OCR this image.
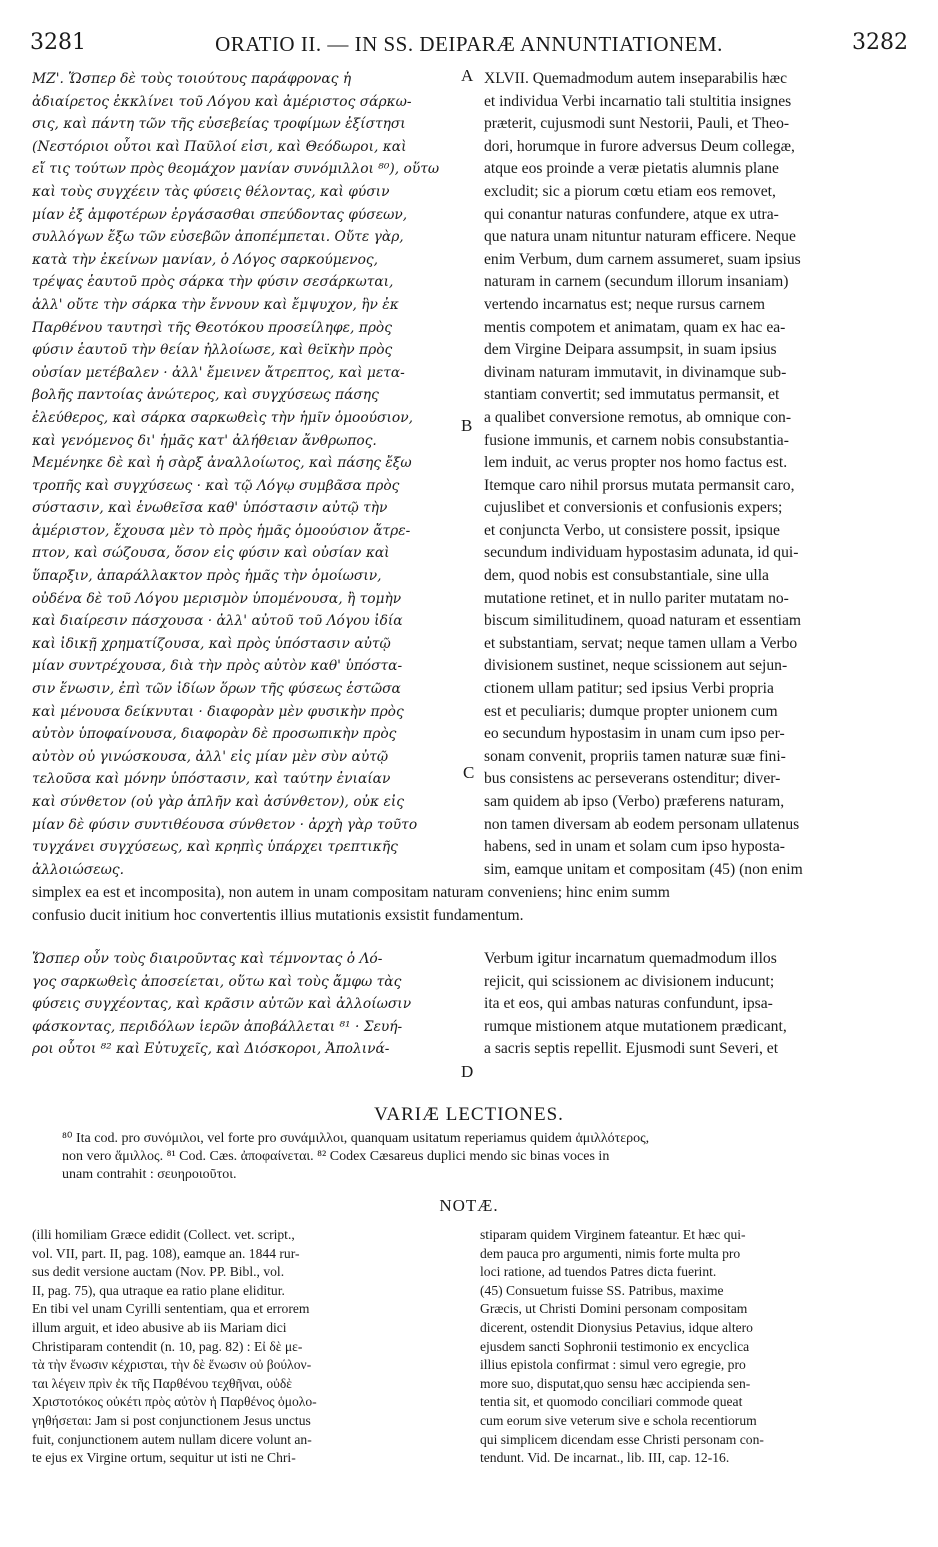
3281	ORATIO II. — IN SS. DEIPARÆ ANNUNTIATIONEM.	3282
A
B
C
D
ΜΖ'. Ὥσπερ δὲ τοὺς τοιούτους παράφρονας ἡ
ἀδιαίρετος ἐκκλίνει τοῦ Λόγου καὶ ἀμέριστος σάρκω-
σις, καὶ πάντη τῶν τῆς εὐσεβείας τροφίμων ἐξίστησι
(Νεστόριοι οὗτοι καὶ Παῦλοί εἰσι, καὶ Θεόδωροι, καὶ
εἴ τις τούτων πρὸς θεομάχον μανίαν συνόμιλλοι ⁸⁰), οὕτω
καὶ τοὺς συγχέειν τὰς φύσεις θέλοντας, καὶ φύσιν
μίαν ἐξ ἀμφοτέρων ἐργάσασθαι σπεύδοντας φύσεων,
συλλόγων ἔξω τῶν εὐσεβῶν ἀποπέμπεται. Οὔτε γὰρ,
κατὰ τὴν ἐκείνων μανίαν, ὁ Λόγος σαρκούμενος,
τρέψας ἑαυτοῦ πρὸς σάρκα τὴν φύσιν σεσάρκωται,
ἀλλ' οὔτε τὴν σάρκα τὴν ἔννουν καὶ ἔμψυχον, ἣν ἐκ
Παρθένου ταυτησὶ τῆς Θεοτόκου προσείληφε, πρὸς
φύσιν ἑαυτοῦ τὴν θείαν ἠλλοίωσε, καὶ θεϊκὴν πρὸς
οὐσίαν μετέβαλεν · ἀλλ' ἔμεινεν ἄτρεπτος, καὶ μετα-
βολῆς παντοίας ἀνώτερος, καὶ συγχύσεως πάσης
ἐλεύθερος, καὶ σάρκα σαρκωθεὶς τὴν ἡμῖν ὁμοούσιον,
καὶ γενόμενος δι' ἡμᾶς κατ' ἀλήθειαν ἄνθρωπος.
Μεμένηκε δὲ καὶ ἡ σὰρξ ἀναλλοίωτος, καὶ πάσης ἔξω
τροπῆς καὶ συγχύσεως · καὶ τῷ Λόγῳ συμβᾶσα πρὸς
σύστασιν, καὶ ἑνωθεῖσα καθ' ὑπόστασιν αὐτῷ τὴν
ἀμέριστον, ἔχουσα μὲν τὸ πρὸς ἡμᾶς ὁμοούσιον ἄτρε-
πτον, καὶ σώζουσα, ὅσον εἰς φύσιν καὶ οὐσίαν καὶ
ὕπαρξιν, ἀπαράλλακτον πρὸς ἡμᾶς τὴν ὁμοίωσιν,
οὐδένα δὲ τοῦ Λόγου μερισμὸν ὑπομένουσα, ἢ τομὴν
καὶ διαίρεσιν πάσχουσα · ἀλλ' αὐτοῦ τοῦ Λόγου ἰδία
καὶ ἰδικῇ χρηματίζουσα, καὶ πρὸς ὑπόστασιν αὐτῷ
μίαν συντρέχουσα, διὰ τὴν πρὸς αὐτὸν καθ' ὑπόστα-
σιν ἕνωσιν, ἐπὶ τῶν ἰδίων ὅρων τῆς φύσεως ἑστῶσα
καὶ μένουσα δείκνυται · διαφορὰν μὲν φυσικὴν πρὸς
αὐτὸν ὑποφαίνουσα, διαφορὰν δὲ προσωπικὴν πρὸς
αὐτὸν οὐ γινώσκουσα, ἀλλ' εἰς μίαν μὲν σὺν αὐτῷ
τελοῦσα καὶ μόνην ὑπόστασιν, καὶ ταύτην ἐνιαίαν
καὶ σύνθετον (οὐ γὰρ ἁπλῆν καὶ ἀσύνθετον), οὐκ εἰς
μίαν δὲ φύσιν συντιθέουσα σύνθετον · ἀρχὴ γὰρ τοῦτο
τυγχάνει συγχύσεως, καὶ κρηπὶς ὑπάρχει τρεπτικῆς
ἀλλοιώσεως.
XLVII. Quemadmodum autem inseparabilis hæc
et individua Verbi incarnatio tali stultitia insignes
præterit, cujusmodi sunt Nestorii, Pauli, et Theo-
dori, horumque in furore adversus Deum collegæ,
atque eos proinde a veræ pietatis alumnis plane
excludit; sic a piorum cœtu etiam eos removet,
qui conantur naturas confundere, atque ex utra-
que natura unam nituntur naturam efficere. Neque
enim Verbum, dum carnem assumeret, suam ipsius
naturam in carnem (secundum illorum insaniam)
vertendo incarnatus est; neque rursus carnem
mentis compotem et animatam, quam ex hac ea-
dem Virgine Deipara assumpsit, in suam ipsius
divinam naturam immutavit, in divinamque sub-
stantiam convertit; sed immutatus permansit, et
a qualibet conversione remotus, ab omnique con-
fusione immunis, et carnem nobis consubstantia-
lem induit, ac verus propter nos homo factus est.
Itemque caro nihil prorsus mutata permansit caro,
cujuslibet et conversionis et confusionis expers;
et conjuncta Verbo, ut consistere possit, ipsique
secundum individuam hypostasim adunata, id qui-
dem, quod nobis est consubstantiale, sine ulla
mutatione retinet, et in nullo pariter mutatam no-
biscum similitudinem, quoad naturam et essentiam
et substantiam, servat; neque tamen ullam a Verbo
divisionem sustinet, neque scissionem aut sejun-
ctionem ullam patitur; sed ipsius Verbi propria
est et peculiaris; dumque propter unionem cum
eo secundum hypostasim in unam cum ipso per-
sonam convenit, propriis tamen naturæ suæ fini-
bus consistens ac perseverans ostenditur; diver-
sam quidem ab ipso (Verbo) præferens naturam,
non tamen diversam ab eodem personam ullatenus
habens, sed in unam et solam cum ipso hyposta-
sim, eamque unitam et compositam (45) (non enim
simplex ea est et incomposita), non autem in unam compositam naturam conveniens; hinc enim summ
confusio ducit initium hoc convertentis illius mutationis exsistit fundamentum.
Ὥσπερ οὖν τοὺς διαιροῦντας καὶ τέμνοντας ὁ Λό-
γος σαρκωθεὶς ἀποσείεται, οὕτω καὶ τοὺς ἄμφω τὰς
φύσεις συγχέοντας, καὶ κρᾶσιν αὐτῶν καὶ ἀλλοίωσιν
φάσκοντας, περιδόλων ἱερῶν ἀποβάλλεται ⁸¹ · Σευή-
ροι οὗτοι ⁸² καὶ Εὐτυχεῖς, καὶ Διόσκοροι, Ἀπολινά-
Verbum igitur incarnatum quemadmodum illos
rejicit, qui scissionem ac divisionem inducunt;
ita et eos, qui ambas naturas confundunt, ipsa-
rumque mistionem atque mutationem prædicant,
a sacris septis repellit. Ejusmodi sunt Severi, et
VARIÆ LECTIONES.
⁸⁰ Ita cod. pro συνόμιλοι, vel forte pro συνάμιλλοι, quanquam usitatum reperiamus quidem ἁμιλλότερος,
non vero ἅμιλλος. ⁸¹ Cod. Cæs. ἀποφαίνεται. ⁸² Codex Cæsareus duplici mendo sic binas voces in
unam contrahit : σευηροιοῦτοι.
NOTÆ.
(illi homiliam Græce edidit (Collect. vet. script.,
vol. VII, part. II, pag. 108), eamque an. 1844 rur-
sus dedit versione auctam (Nov. PP. Bibl., vol.
II, pag. 75), qua utraque ea ratio plane eliditur.
En tibi vel unam Cyrilli sententiam, qua et errorem
illum arguit, et ideo abusive ab iis Mariam dici
Christiparam contendit (n. 10, pag. 82) : Εἰ δὲ με-
τὰ τὴν ἕνωσιν κέχρισται, τὴν δὲ ἕνωσιν οὐ βούλον-
ται λέγειν πρὶν ἐκ τῆς Παρθένου τεχθῆναι, οὐδὲ
Χριστοτόκος οὐκέτι πρὸς αὐτὸν ἡ Παρθένος ὁμολο-
γηθήσεται: Jam si post conjunctionem Jesus unctus
fuit, conjunctionem autem nullam dicere volunt an-
te ejus ex Virgine ortum, sequitur ut isti ne Chri-
stiparam quidem Virginem fateantur. Et hæc qui-
dem pauca pro argumenti, nimis forte multa pro
loci ratione, ad tuendos Patres dicta fuerint.
(45) Consuetum fuisse SS. Patribus, maxime
Græcis, ut Christi Domini personam compositam
dicerent, ostendit Dionysius Petavius, idque altero
ejusdem sancti Sophronii testimonio ex encyclica
illius epistola confirmat : simul vero egregie, pro
more suo, disputat,quo sensu hæc accipienda sen-
tentia sit, et quomodo conciliari commode queat
cum eorum sive veterum sive e schola recentiorum
qui simplicem dicendam esse Christi personam con-
tendunt. Vid. De incarnat., lib. III, cap. 12-16.
